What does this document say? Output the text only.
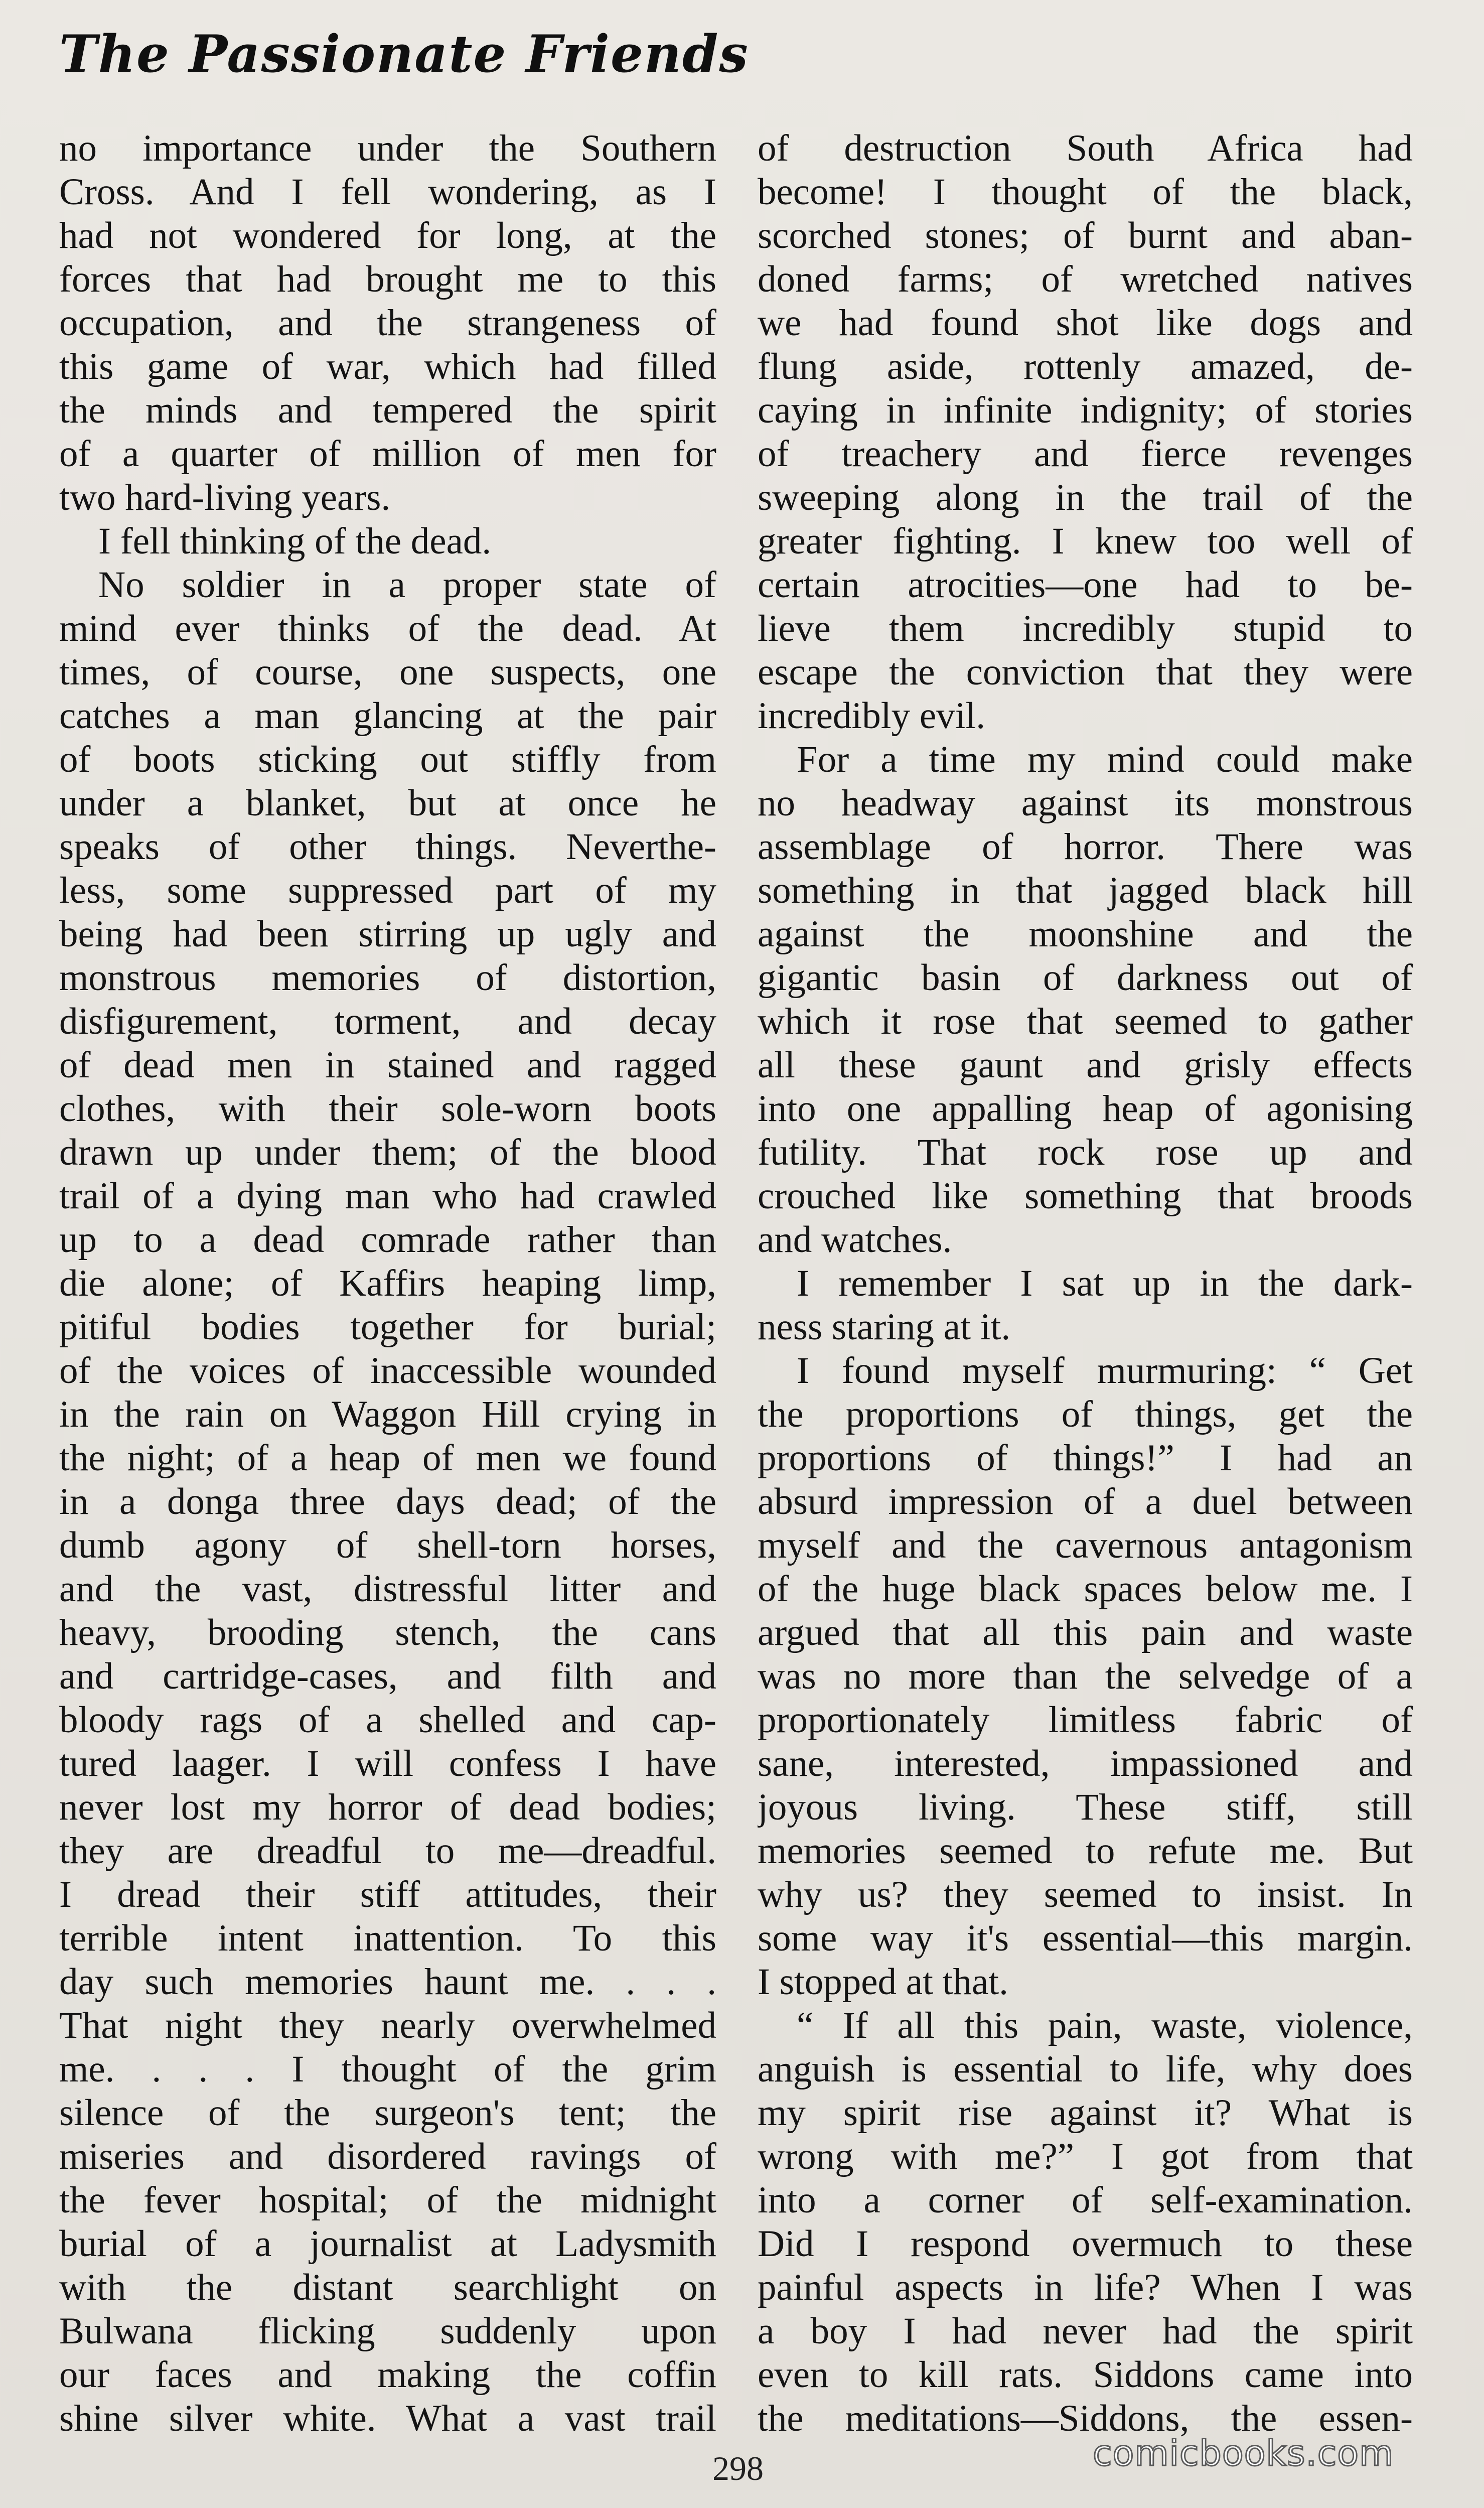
The Passionate Friends
no importance under the Southern
Cross. And I fell wondering, as I
had not wondered for long, at the
forces that had brought me to this
occupation, and the strangeness of
this game of war, which had filled
the minds and tempered the spirit
of a quarter of million of men for
two hard-living years.
I fell thinking of the dead.
No soldier in a proper state of
mind ever thinks of the dead. At
times, of course, one suspects, one
catches a man glancing at the pair
of boots sticking out stiffly from
under a blanket, but at once he
speaks of other things. Neverthe-
less, some suppressed part of my
being had been stirring up ugly and
monstrous memories of distortion,
disfigurement, torment, and decay
of dead men in stained and ragged
clothes, with their sole-worn boots
drawn up under them; of the blood
trail of a dying man who had crawled
up to a dead comrade rather than
die alone; of Kaffirs heaping limp,
pitiful bodies together for burial;
of the voices of inaccessible wounded
in the rain on Waggon Hill crying in
the night; of a heap of men we found
in a donga three days dead; of the
dumb agony of shell-torn horses,
and the vast, distressful litter and
heavy, brooding stench, the cans
and cartridge-cases, and filth and
bloody rags of a shelled and cap-
tured laager. I will confess I have
never lost my horror of dead bodies;
they are dreadful to me—dreadful.
I dread their stiff attitudes, their
terrible intent inattention. To this
day such memories haunt me. . . .
That night they nearly overwhelmed
me. . . . I thought of the grim
silence of the surgeon's tent; the
miseries and disordered ravings of
the fever hospital; of the midnight
burial of a journalist at Ladysmith
with the distant searchlight on
Bulwana flicking suddenly upon
our faces and making the coffin
shine silver white. What a vast trail
of destruction South Africa had
become! I thought of the black,
scorched stones; of burnt and aban-
doned farms; of wretched natives
we had found shot like dogs and
flung aside, rottenly amazed, de-
caying in infinite indignity; of stories
of treachery and fierce revenges
sweeping along in the trail of the
greater fighting. I knew too well of
certain atrocities—one had to be-
lieve them incredibly stupid to
escape the conviction that they were
incredibly evil.
For a time my mind could make
no headway against its monstrous
assemblage of horror. There was
something in that jagged black hill
against the moonshine and the
gigantic basin of darkness out of
which it rose that seemed to gather
all these gaunt and grisly effects
into one appalling heap of agonising
futility. That rock rose up and
crouched like something that broods
and watches.
I remember I sat up in the dark-
ness staring at it.
I found myself murmuring: “ Get
the proportions of things, get the
proportions of things!” I had an
absurd impression of a duel between
myself and the cavernous antagonism
of the huge black spaces below me. I
argued that all this pain and waste
was no more than the selvedge of a
proportionately limitless fabric of
sane, interested, impassioned and
joyous living. These stiff, still
memories seemed to refute me. But
why us? they seemed to insist. In
some way it's essential—this margin.
I stopped at that.
“ If all this pain, waste, violence,
anguish is essential to life, why does
my spirit rise against it? What is
wrong with me?” I got from that
into a corner of self-examination.
Did I respond overmuch to these
painful aspects in life? When I was
a boy I had never had the spirit
even to kill rats. Siddons came into
the meditations—Siddons, the essen-
298	comicbooks.com
